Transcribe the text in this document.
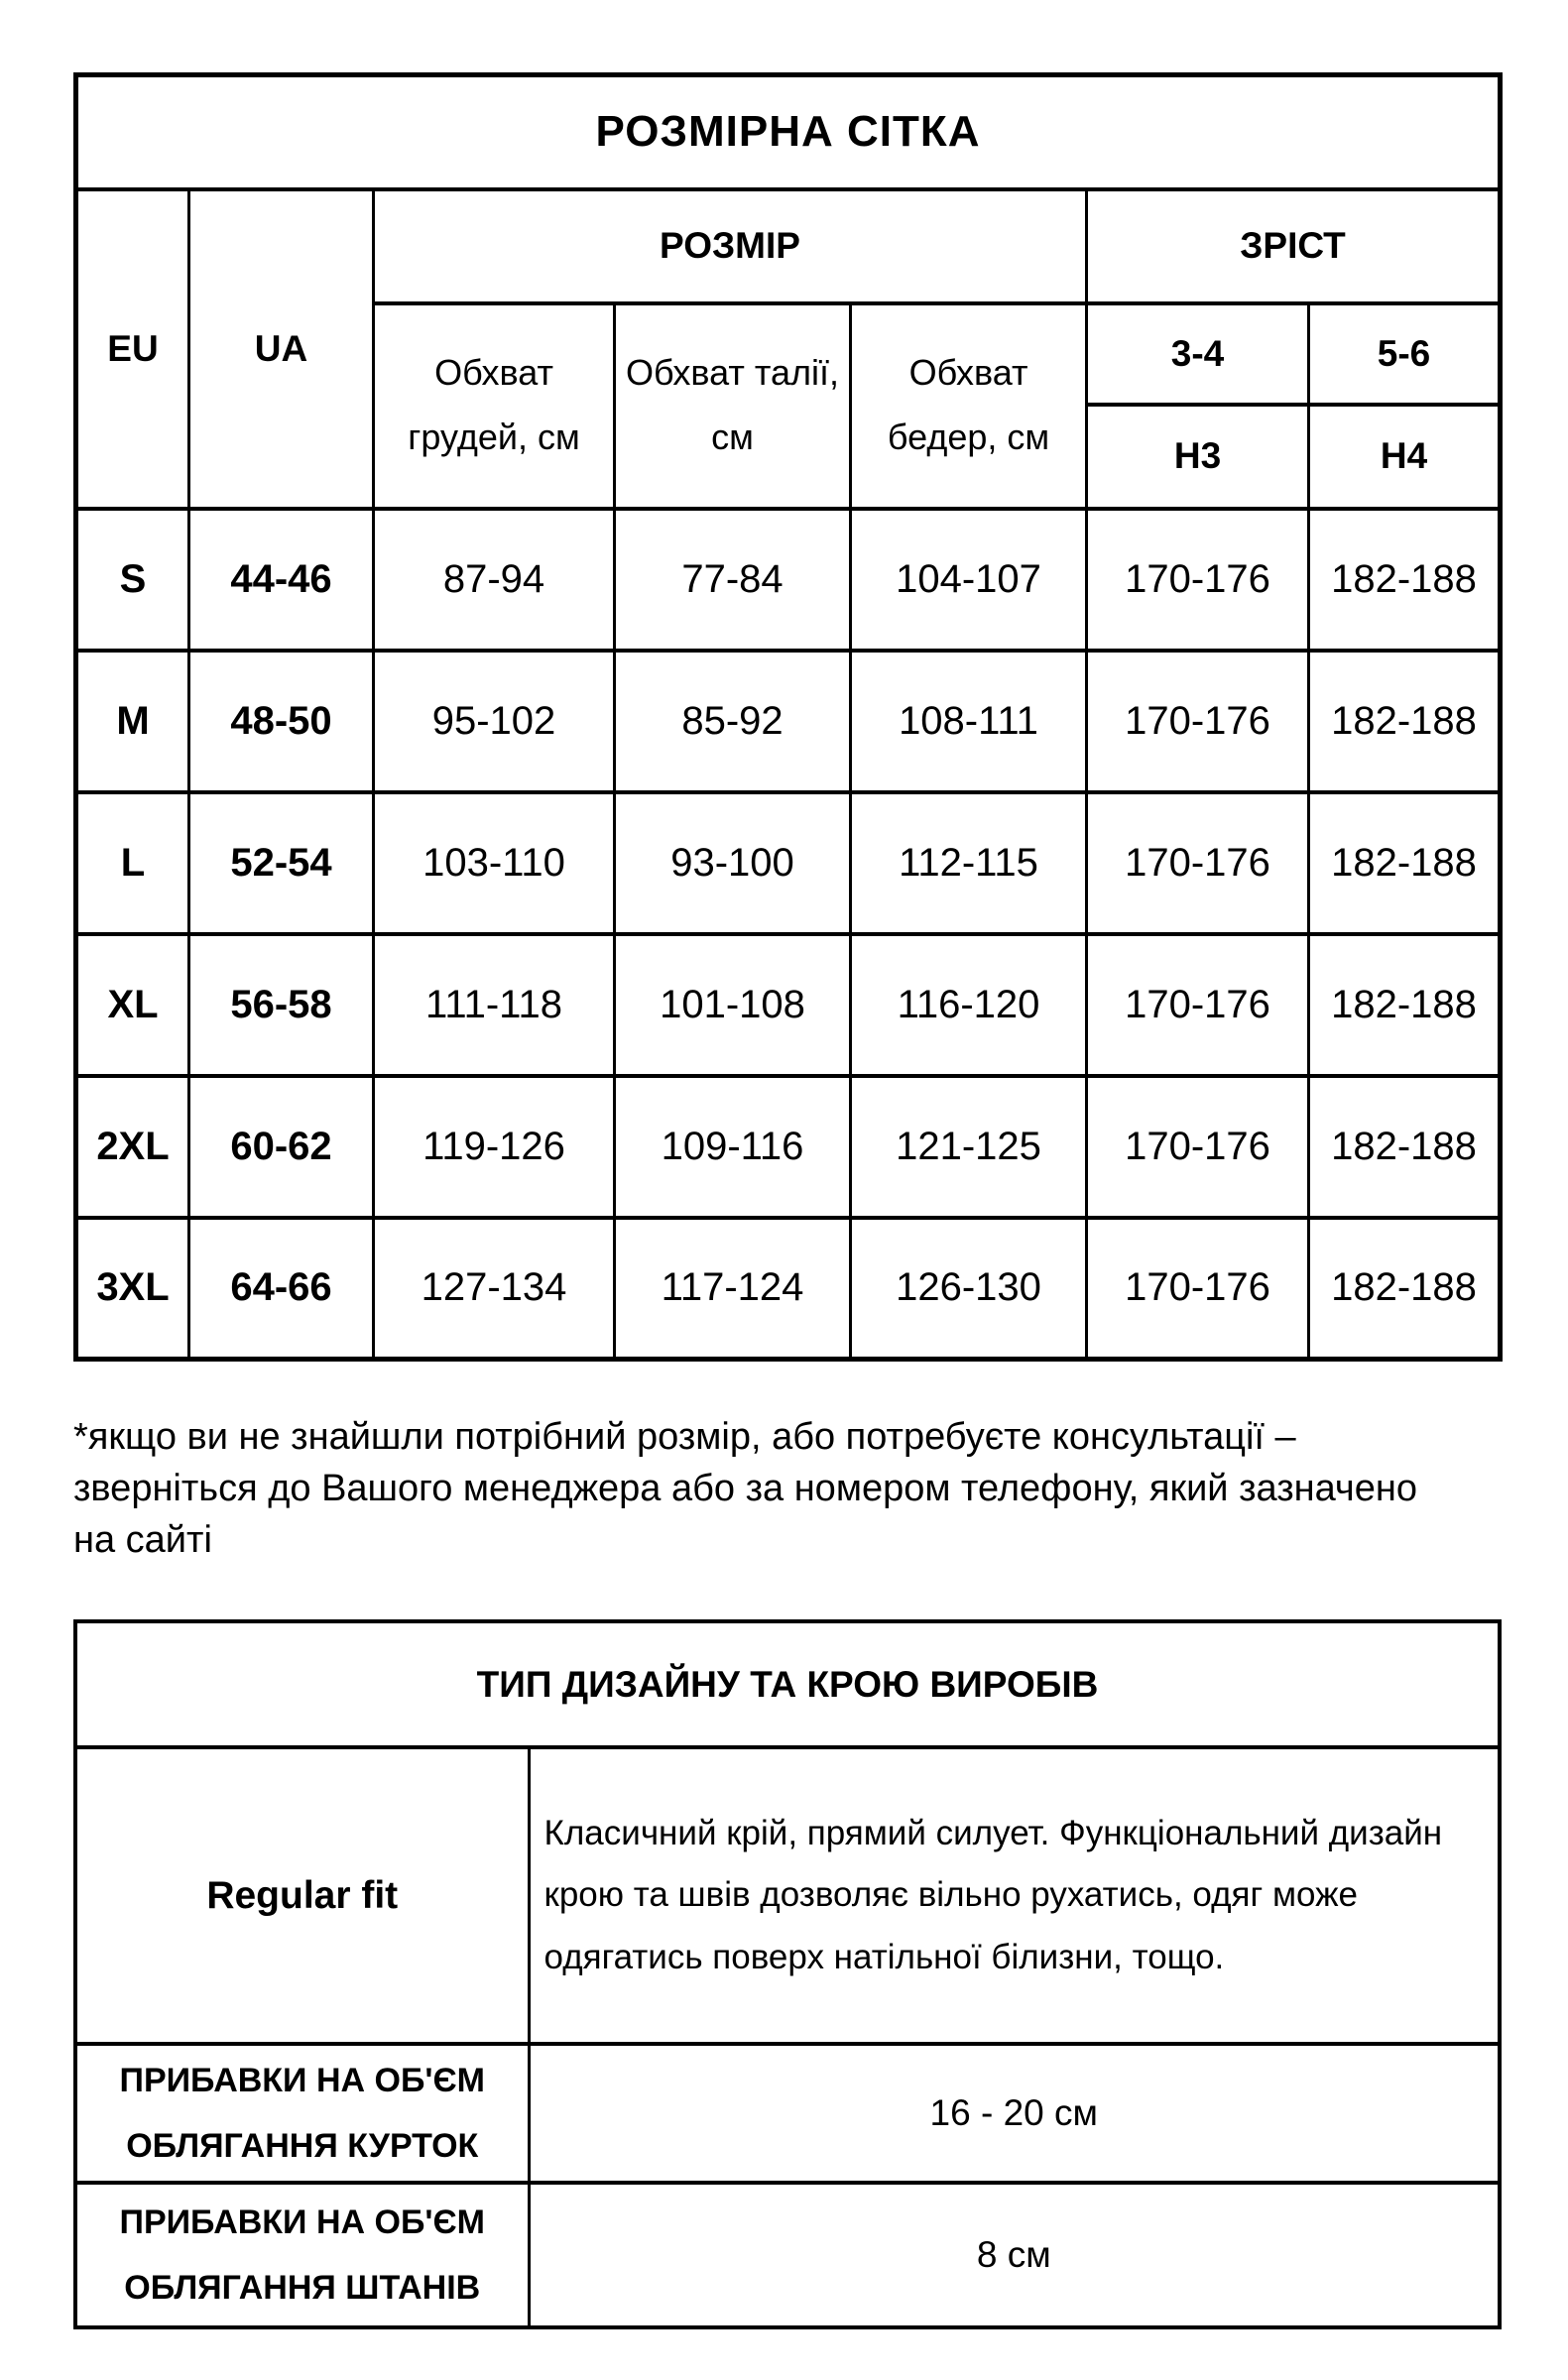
РОЗМІРНА СІТКА						
EU	UA	РОЗМІР			ЗРІСТ	
		Обхват грудей, см	Обхват талії, см	Обхват бедер, см	3-4	5-6
					Н3	Н4
S	44-46	87-94	77-84	104-107	170-176	182-188
M	48-50	95-102	85-92	108-111	170-176	182-188
L	52-54	103-110	93-100	112-115	170-176	182-188
XL	56-58	111-118	101-108	116-120	170-176	182-188
2XL	60-62	119-126	109-116	121-125	170-176	182-188
3XL	64-66	127-134	117-124	126-130	170-176	182-188

*якщо ви не знайшли потрібний розмір, або потребуєте консультації – зверніться до Вашого менеджера або за номером телефону, який зазначено на сайті

ТИП ДИЗАЙНУ ТА КРОЮ ВИРОБІВ	
Regular fit	Класичний крій, прямий силует. Функціональний дизайн крою та швів дозволяє вільно рухатись, одяг може одягатись поверх натільної білизни, тощо.
ПРИБАВКИ НА ОБ'ЄМ ОБЛЯГАННЯ КУРТОК	16 - 20 см
ПРИБАВКИ НА ОБ'ЄМ ОБЛЯГАННЯ ШТАНІВ	8 см
